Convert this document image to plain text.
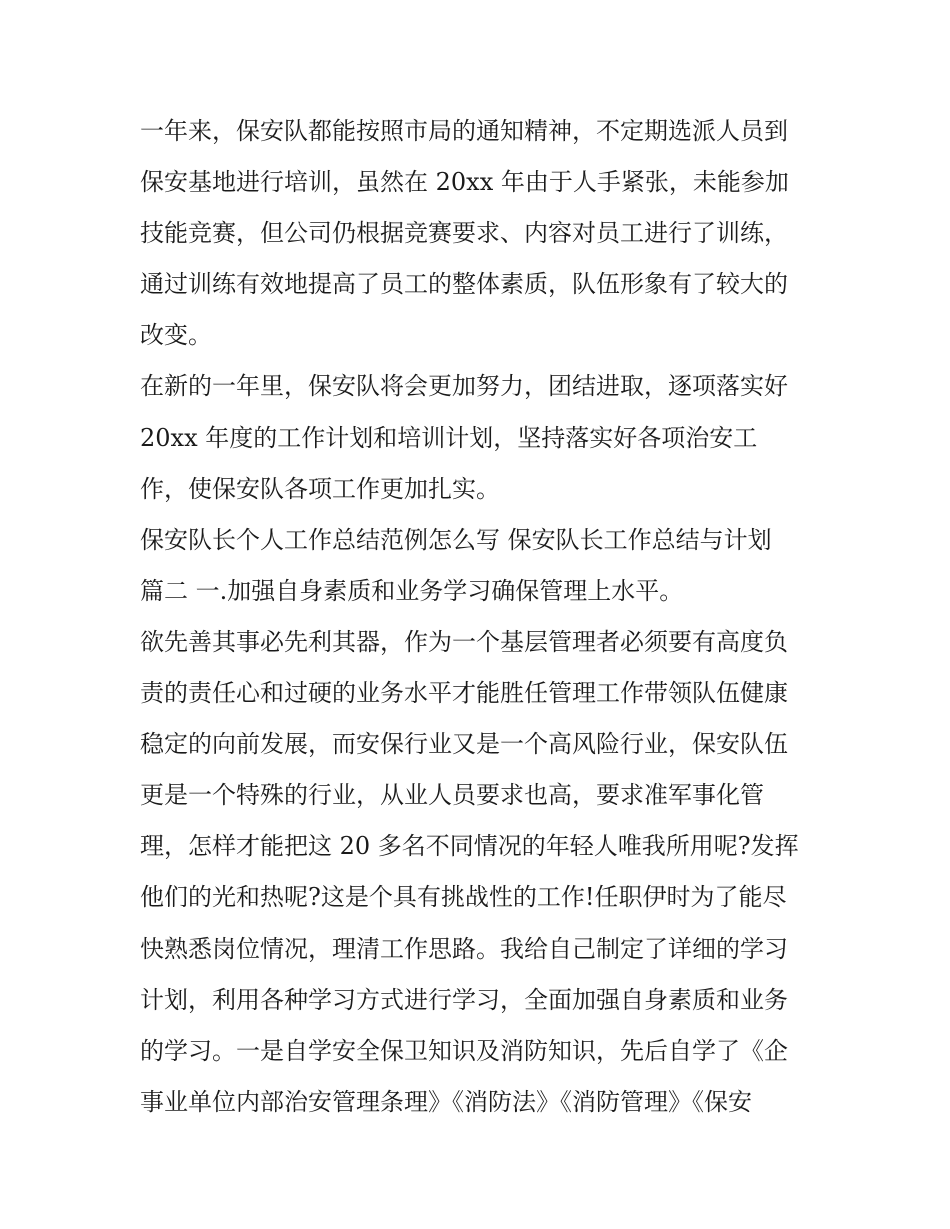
一年来，保安队都能按照市局的通知精神，不定期选派人员到
保安基地进行培训，虽然在 20xx 年由于人手紧张，未能参加
技能竞赛，但公司仍根据竞赛要求、内容对员工进行了训练，
通过训练有效地提高了员工的整体素质，队伍形象有了较大的
改变。
在新的一年里，保安队将会更加努力，团结进取，逐项落实好
20xx 年度的工作计划和培训计划，坚持落实好各项治安工
作，使保安队各项工作更加扎实。
保安队长个人工作总结范例怎么写 保安队长工作总结与计划
篇二 一.加强自身素质和业务学习确保管理上水平。
欲先善其事必先利其器，作为一个基层管理者必须要有高度负
责的责任心和过硬的业务水平才能胜任管理工作带领队伍健康
稳定的向前发展，而安保行业又是一个高风险行业，保安队伍
更是一个特殊的行业，从业人员要求也高，要求准军事化管
理，怎样才能把这 20 多名不同情况的年轻人唯我所用呢?发挥
他们的光和热呢?这是个具有挑战性的工作!任职伊时为了能尽
快熟悉岗位情况，理清工作思路。我给自己制定了详细的学习
计划，利用各种学习方式进行学习，全面加强自身素质和业务
的学习。一是自学安全保卫知识及消防知识，先后自学了《企
事业单位内部治安管理条理》《消防法》《消防管理》《保安
